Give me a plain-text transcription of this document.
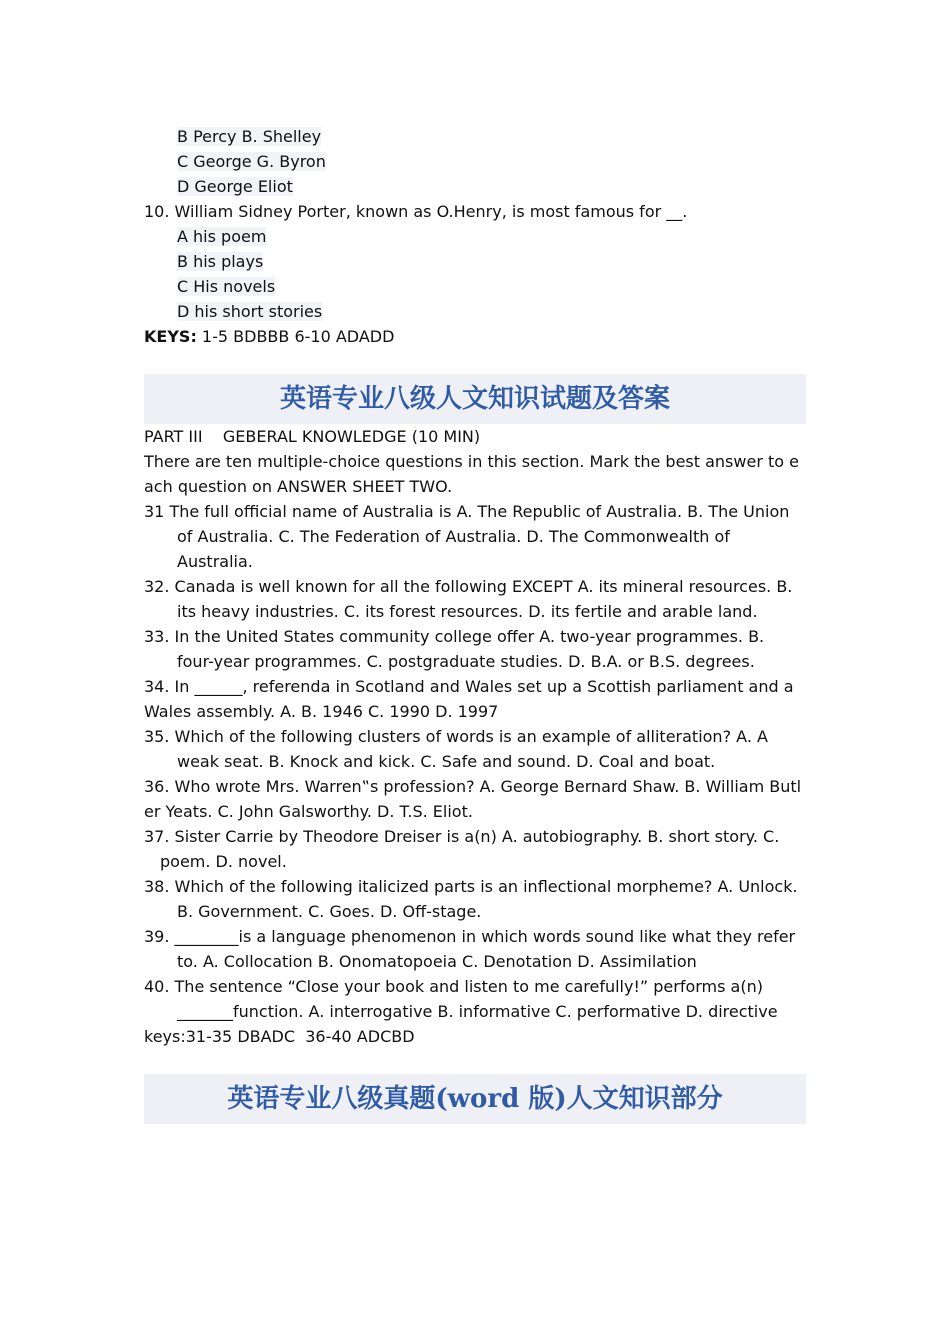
B Percy B. Shelley
C George G. Byron
D George Eliot
10. William Sidney Porter, known as O.Henry, is most famous for __.
A his poem
B his plays
C His novels
D his short stories
KEYS: 1-5 BDBBB 6-10 ADADD
英语专业八级人文知识试题及答案
PART III    GEBERAL KNOWLEDGE (10 MIN)

There are ten multiple-choice questions in this section. Mark the best answer to each question on ANSWER SHEET TWO.

31 The full official name of Australia is A. The Republic of Australia. B. The Union of Australia. C. The Federation of Australia. D. The Commonwealth of Australia.

32. Canada is well known for all the following EXCEPT A. its mineral resources. B. its heavy industries. C. its forest resources. D. its fertile and arable land.

33. In the United States community college offer A. two-year programmes. B. four-year programmes. C. postgraduate studies. D. B.A. or B.S. degrees.

34. In ______, referenda in Scotland and Wales set up a Scottish parliament and a Wales assembly. A. B. 1946 C. 1990 D. 1997

35. Which of the following clusters of words is an example of alliteration? A. A weak seat. B. Knock and kick. C. Safe and sound. D. Coal and boat.

36. Who wrote Mrs. Warren‟s profession? A. George Bernard Shaw. B. William Butler Yeats. C. John Galsworthy. D. T.S. Eliot.

37. Sister Carrie by Theodore Dreiser is a(n) A. autobiography. B. short story. C. poem. D. novel.

38. Which of the following italicized parts is an inflectional morpheme? A. Unlock. B. Government. C. Goes. D. Off-stage.

39. ________is a language phenomenon in which words sound like what they refer to. A. Collocation B. Onomatopoeia C. Denotation D. Assimilation

40. The sentence “Close your book and listen to me carefully!” performs a(n) _______function. A. interrogative B. informative C. performative D. directive

keys:31-35 DBADC  36-40 ADCBD
英语专业八级真题(word 版)人文知识部分
